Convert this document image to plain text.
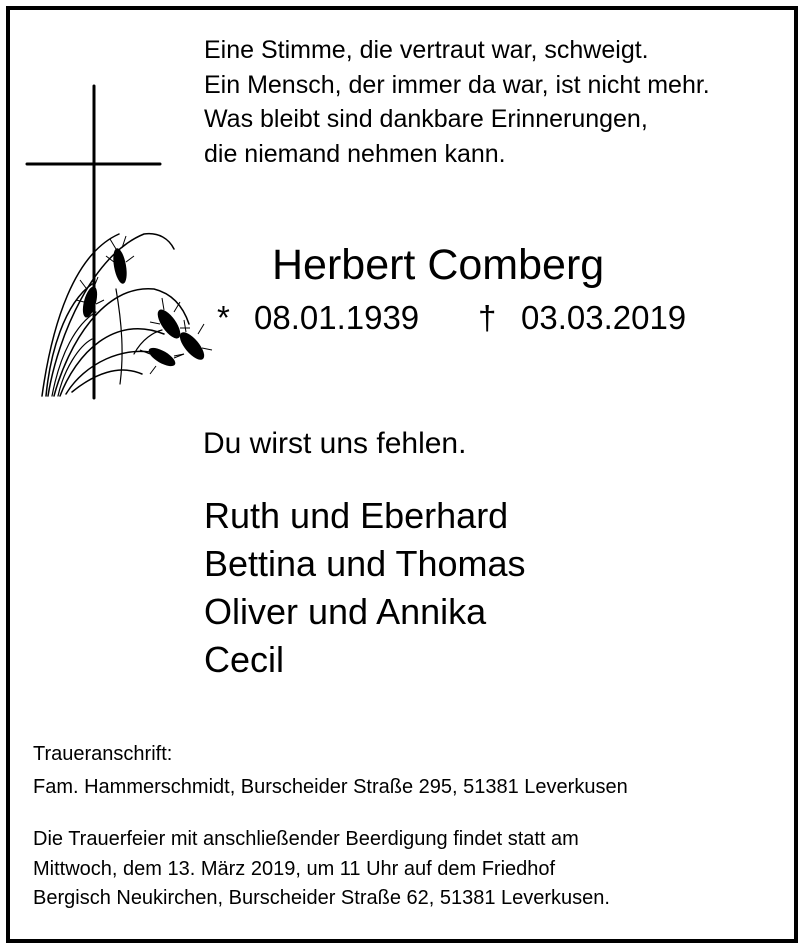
Eine Stimme, die vertraut war, schweigt.
Ein Mensch, der immer da war, ist nicht mehr.
Was bleibt sind dankbare Erinnerungen,
die niemand nehmen kann.
Herbert Comberg
* 08.01.1939 † 03.03.2019
Du wirst uns fehlen.
Ruth und Eberhard
Bettina und Thomas
Oliver und Annika
Cecil
Traueranschrift:
Fam. Hammerschmidt, Burscheider Straße 295, 51381 Leverkusen
Die Trauerfeier mit anschließender Beerdigung findet statt am
Mittwoch, dem 13. März 2019, um 11 Uhr auf dem Friedhof
Bergisch Neukirchen, Burscheider Straße 62, 51381 Leverkusen.
